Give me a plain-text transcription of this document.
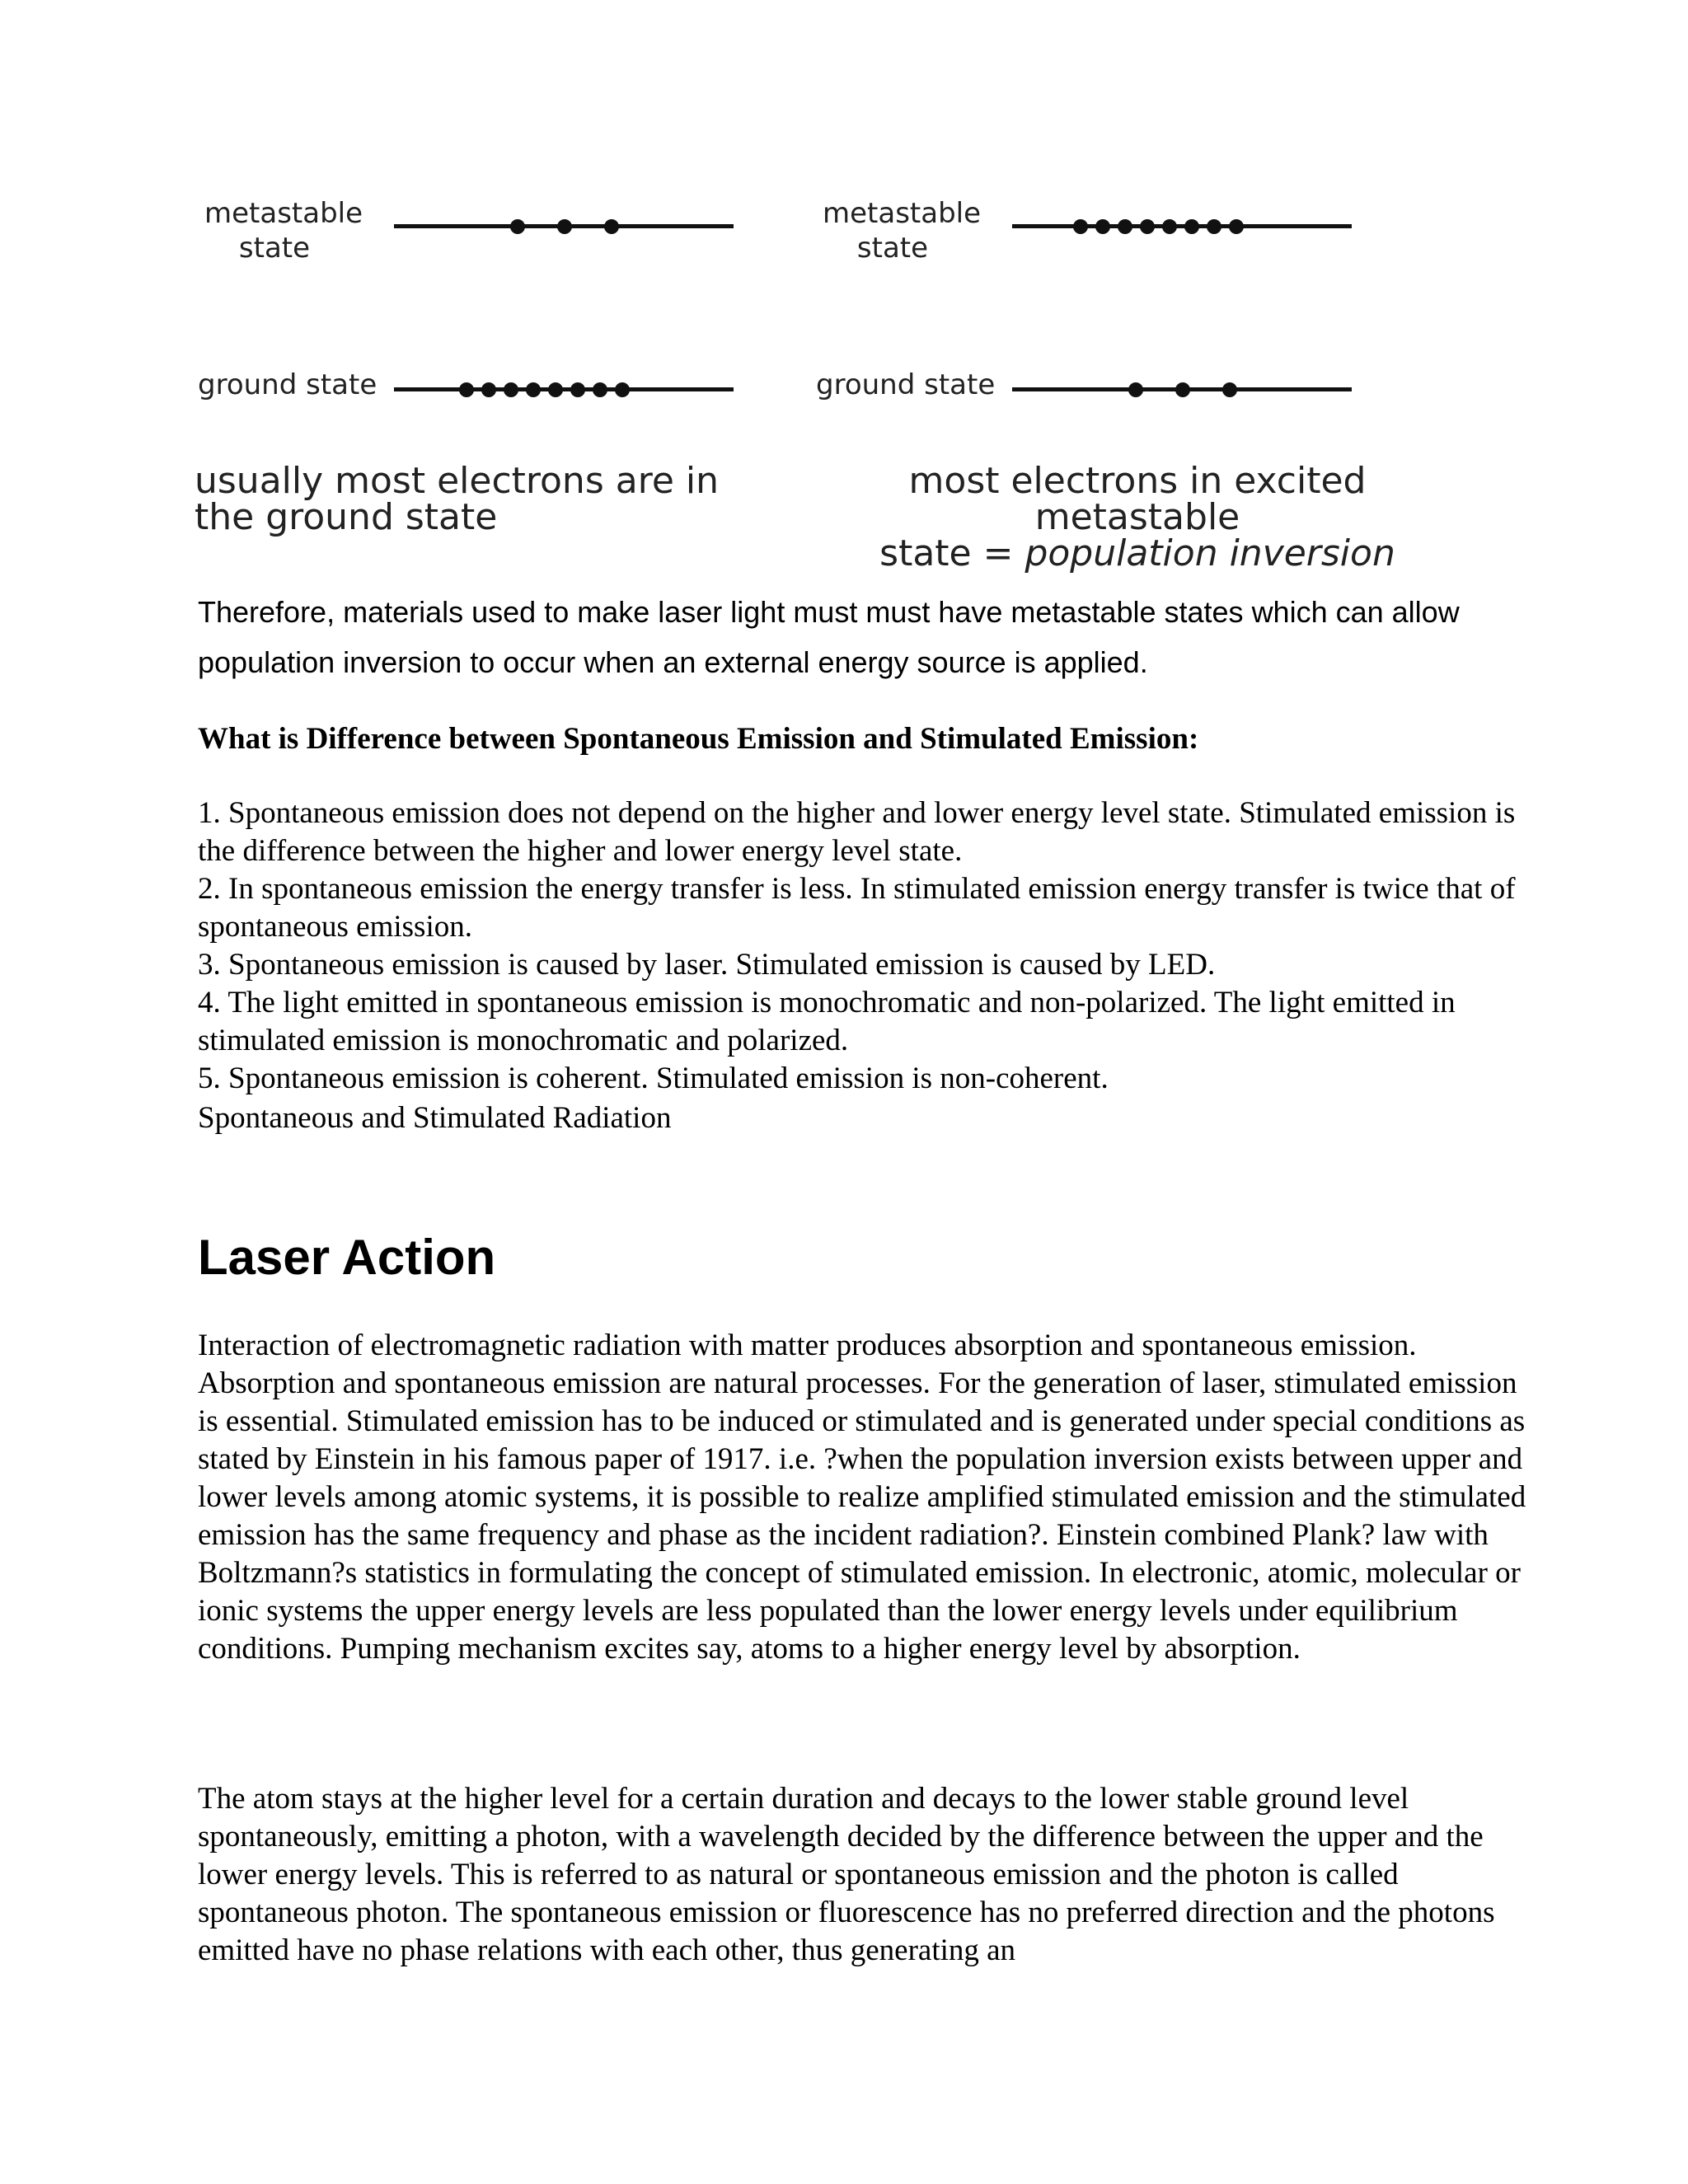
metastable
state
ground state
usually most electrons are in
the ground state
metastable
state
ground state
most electrons in excited metastable
state = population inversion

Therefore, materials used to make laser light must must have metastable states which can allow population inversion to occur when an external energy source is applied.

What is Difference between Spontaneous Emission and Stimulated Emission:

1. Spontaneous emission does not depend on the higher and lower energy level state. Stimulated emission is the difference between the higher and lower energy level state.
2. In spontaneous emission the energy transfer is less. In stimulated emission energy transfer is twice that of spontaneous emission.
3. Spontaneous emission is caused by laser. Stimulated emission is caused by LED.
4. The light emitted in spontaneous emission is monochromatic and non-polarized. The light emitted in stimulated emission is monochromatic and polarized.
5. Spontaneous emission is coherent. Stimulated emission is non-coherent.

Spontaneous and Stimulated Radiation

Laser Action

Interaction of electromagnetic radiation with matter produces absorption and spontaneous emission. Absorption and spontaneous emission are natural processes. For the generation of laser, stimulated emission is essential. Stimulated emission has to be induced or stimulated and is generated under special conditions as stated by Einstein in his famous paper of 1917. i.e. ?when the population inversion exists between upper and lower levels among atomic systems, it is possible to realize amplified stimulated emission and the stimulated emission has the same frequency and phase as the incident radiation?. Einstein combined Plank? law with Boltzmann?s statistics in formulating the concept of stimulated emission. In electronic, atomic, molecular or ionic systems the upper energy levels are less populated than the lower energy levels under equilibrium conditions. Pumping mechanism excites say, atoms to a higher energy level by absorption.

The atom stays at the higher level for a certain duration and decays to the lower stable ground level spontaneously, emitting a photon, with a wavelength decided by the difference between the upper and the lower energy levels. This is referred to as natural or spontaneous emission and the photon is called spontaneous photon. The spontaneous emission or fluorescence has no preferred direction and the photons emitted have no phase relations with each other, thus generating an
